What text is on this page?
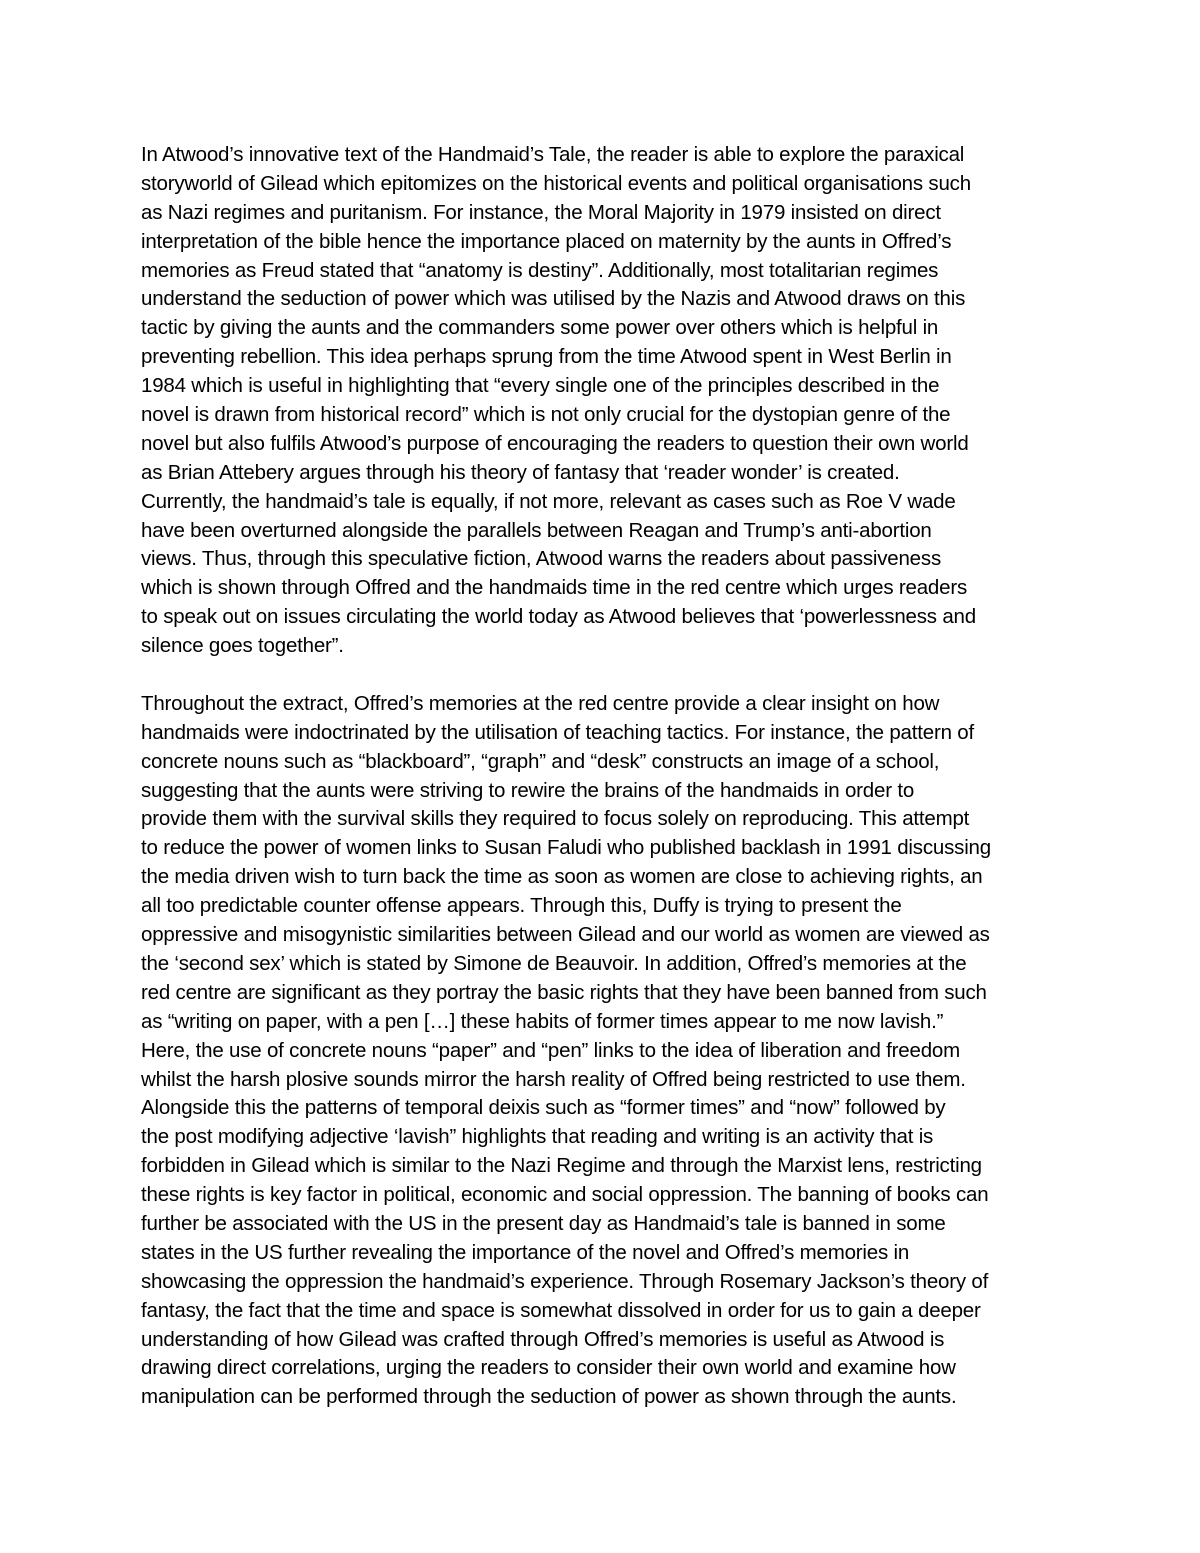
In Atwood’s innovative text of the Handmaid’s Tale, the reader is able to explore the paraxical
storyworld of Gilead which epitomizes on the historical events and political organisations such
as Nazi regimes and puritanism. For instance, the Moral Majority in 1979 insisted on direct
interpretation of the bible hence the importance placed on maternity by the aunts in Offred’s
memories as Freud stated that “anatomy is destiny”. Additionally, most totalitarian regimes
understand the seduction of power which was utilised by the Nazis and Atwood draws on this
tactic by giving the aunts and the commanders some power over others which is helpful in
preventing rebellion. This idea perhaps sprung from the time Atwood spent in West Berlin in
1984 which is useful in highlighting that “every single one of the principles described in the
novel is drawn from historical record” which is not only crucial for the dystopian genre of the
novel but also fulfils Atwood’s purpose of encouraging the readers to question their own world
as Brian Attebery argues through his theory of fantasy that ‘reader wonder’ is created.
Currently, the handmaid’s tale is equally, if not more, relevant as cases such as Roe V wade
have been overturned alongside the parallels between Reagan and Trump’s anti-abortion
views. Thus, through this speculative fiction, Atwood warns the readers about passiveness
which is shown through Offred and the handmaids time in the red centre which urges readers
to speak out on issues circulating the world today as Atwood believes that ‘powerlessness and
silence goes together”.
Throughout the extract, Offred’s memories at the red centre provide a clear insight on how
handmaids were indoctrinated by the utilisation of teaching tactics. For instance, the pattern of
concrete nouns such as “blackboard”, “graph” and “desk” constructs an image of a school,
suggesting that the aunts were striving to rewire the brains of the handmaids in order to
provide them with the survival skills they required to focus solely on reproducing. This attempt
to reduce the power of women links to Susan Faludi who published backlash in 1991 discussing
the media driven wish to turn back the time as soon as women are close to achieving rights, an
all too predictable counter offense appears. Through this, Duffy is trying to present the
oppressive and misogynistic similarities between Gilead and our world as women are viewed as
the ‘second sex’ which is stated by Simone de Beauvoir. In addition, Offred’s memories at the
red centre are significant as they portray the basic rights that they have been banned from such
as “writing on paper, with a pen […] these habits of former times appear to me now lavish.”
Here, the use of concrete nouns “paper” and “pen” links to the idea of liberation and freedom
whilst the harsh plosive sounds mirror the harsh reality of Offred being restricted to use them.
Alongside this the patterns of temporal deixis such as “former times” and “now” followed by
the post modifying adjective ‘lavish” highlights that reading and writing is an activity that is
forbidden in Gilead which is similar to the Nazi Regime and through the Marxist lens, restricting
these rights is key factor in political, economic and social oppression. The banning of books can
further be associated with the US in the present day as Handmaid’s tale is banned in some
states in the US further revealing the importance of the novel and Offred’s memories in
showcasing the oppression the handmaid’s experience. Through Rosemary Jackson’s theory of
fantasy, the fact that the time and space is somewhat dissolved in order for us to gain a deeper
understanding of how Gilead was crafted through Offred’s memories is useful as Atwood is
drawing direct correlations, urging the readers to consider their own world and examine how
manipulation can be performed through the seduction of power as shown through the aunts.
